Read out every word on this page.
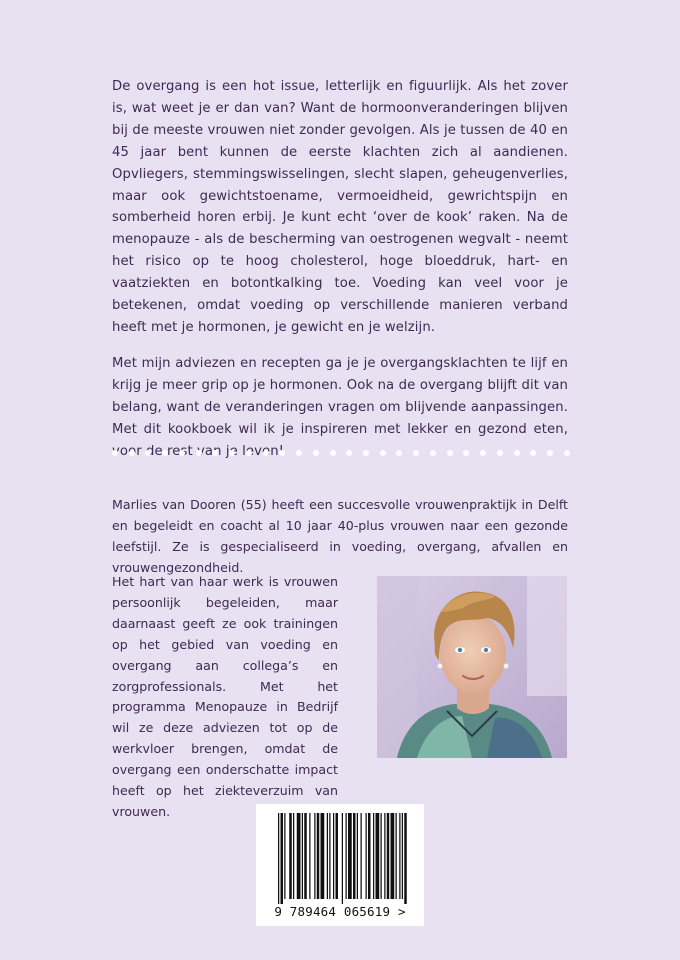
De overgang is een hot issue, letterlijk en figuurlijk. Als het zover is, wat weet je er dan van? Want de hormoonveranderingen blijven bij de meeste vrouwen niet zonder gevolgen. Als je tussen de 40 en 45 jaar bent kunnen de eerste klachten zich al aandienen. Opvliegers, stemmingswisselingen, slecht slapen, geheugenverlies, maar ook gewichtstoename, vermoeidheid, gewrichtspijn en somberheid horen erbij. Je kunt echt ‘over de kook’ raken. Na de menopauze - als de bescherming van oestrogenen wegvalt - neemt het risico op te hoog cholesterol, hoge bloeddruk, hart- en vaatziekten en botontkalking toe. Voeding kan veel voor je betekenen, omdat voeding op verschillende manieren verband heeft met je hormonen, je gewicht en je welzijn.

Met mijn adviezen en recepten ga je je overgangsklachten te lijf en krijg je meer grip op je hormonen. Ook na de overgang blijft dit van belang, want de veranderingen vragen om blijvende aanpassingen. Met dit kookboek wil ik je inspireren met lekker en gezond eten, voor de van

Marlies van Dooren (55) heeft een succesvolle vrouwenpraktijk in Delft en begeleidt en coacht al 10 jaar 40-plus vrouwen naar een gezonde leefstijl. Ze is gespecialiseerd in voeding, overgang, afvallen en vrouwengezondheid.
Het hart van haar werk is vrouwen persoonlijk begeleiden, maar daarnaast geeft ze ook trainingen op het gebied van voeding en overgang aan collega’s en zorgprofessionals. Met het programma Menopauze in Bedrijf wil ze deze adviezen tot op de werkvloer brengen, omdat de overgang een onderschatte impact heeft op het ziekteverzuim van vrouwen.
9 789464 065619 >
